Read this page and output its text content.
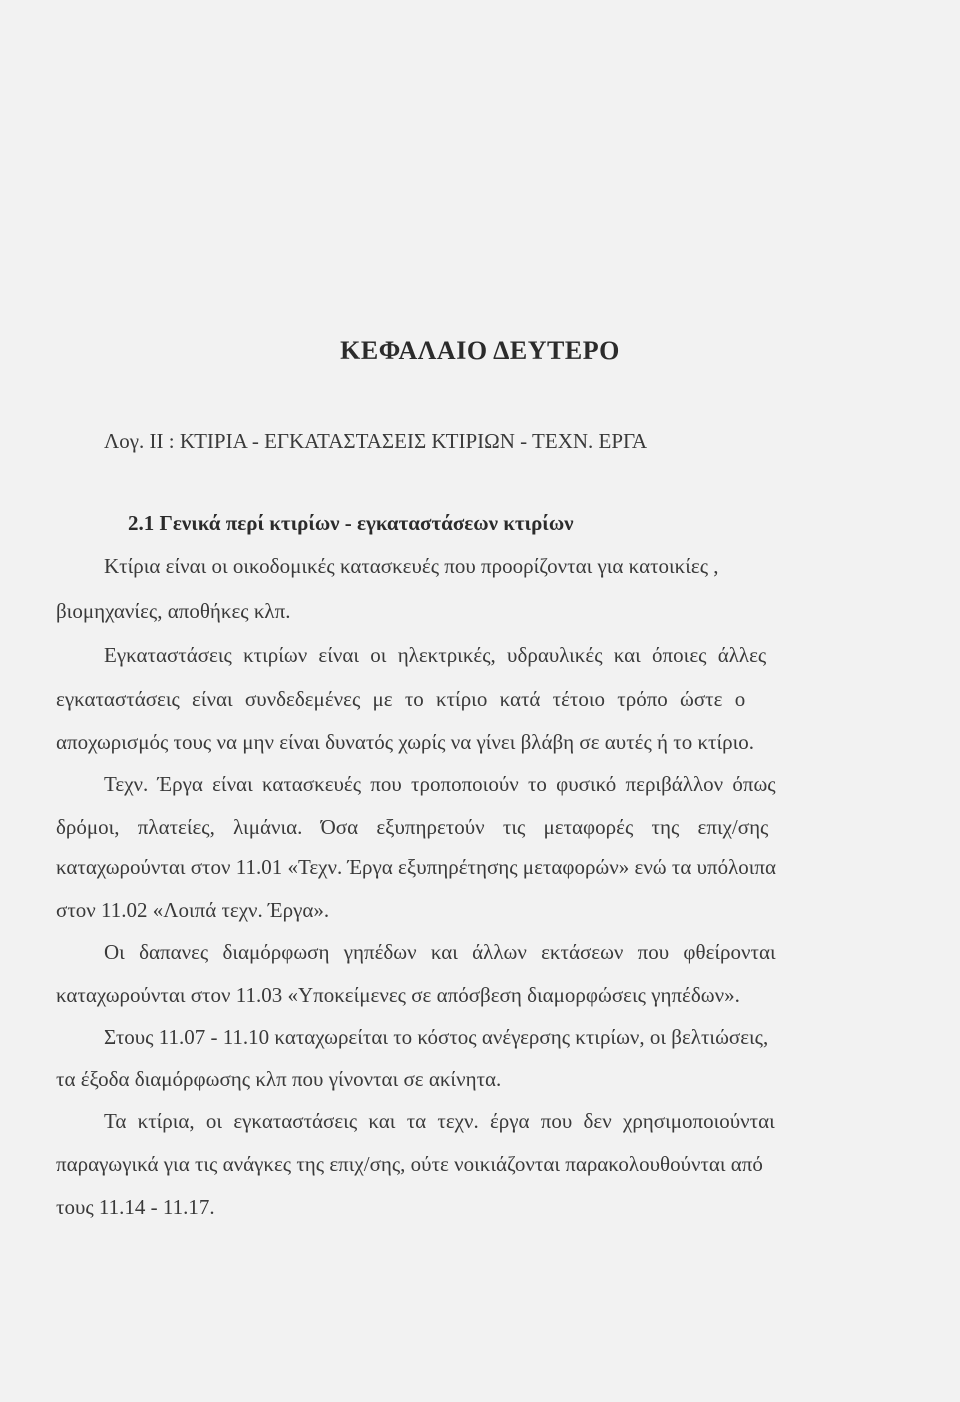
ΚΕΦΑΛΑΙΟ ΔΕΥΤΕΡΟ
Λογ. ΙΙ : ΚΤΙΡΙΑ - ΕΓΚΑΤΑΣΤΑΣΕΙΣ ΚΤΙΡΙΩΝ - ΤΕΧΝ. ΕΡΓΑ
2.1 Γενικά περί κτιρίων - εγκαταστάσεων κτιρίων
Κτίρια είναι οι οικοδομικές κατασκευές που προορίζονται για κατοικίες ,
βιομηχανίες, αποθήκες κλπ.
Εγκαταστάσεις κτιρίων είναι οι ηλεκτρικές, υδραυλικές και όποιες άλλες
εγκαταστάσεις είναι συνδεδεμένες με το κτίριο κατά τέτοιο τρόπο ώστε ο
αποχωρισμός τους να μην είναι δυνατός χωρίς να γίνει βλάβη σε αυτές ή το κτίριο.
Τεχν. Έργα είναι κατασκευές που τροποποιούν το φυσικό περιβάλλον όπως
δρόμοι, πλατείες, λιμάνια. Όσα εξυπηρετούν τις μεταφορές της επιχ/σης
καταχωρούνται στον 11.01 «Τεχν. Έργα εξυπηρέτησης μεταφορών» ενώ τα υπόλοιπα
στον 11.02 «Λοιπά τεχν. Έργα».
Οι δαπανες διαμόρφωση γηπέδων και άλλων εκτάσεων που φθείρονται
καταχωρούνται στον 11.03 «Υποκείμενες σε απόσβεση διαμορφώσεις γηπέδων».
Στους 11.07 - 11.10 καταχωρείται το κόστος ανέγερσης κτιρίων, οι βελτιώσεις,
τα έξοδα διαμόρφωσης κλπ που γίνονται σε ακίνητα.
Τα κτίρια, οι εγκαταστάσεις και τα τεχν. έργα που δεν χρησιμοποιούνται
παραγωγικά για τις ανάγκες της επιχ/σης, ούτε νοικιάζονται παρακολουθούνται από
τους 11.14 - 11.17.
